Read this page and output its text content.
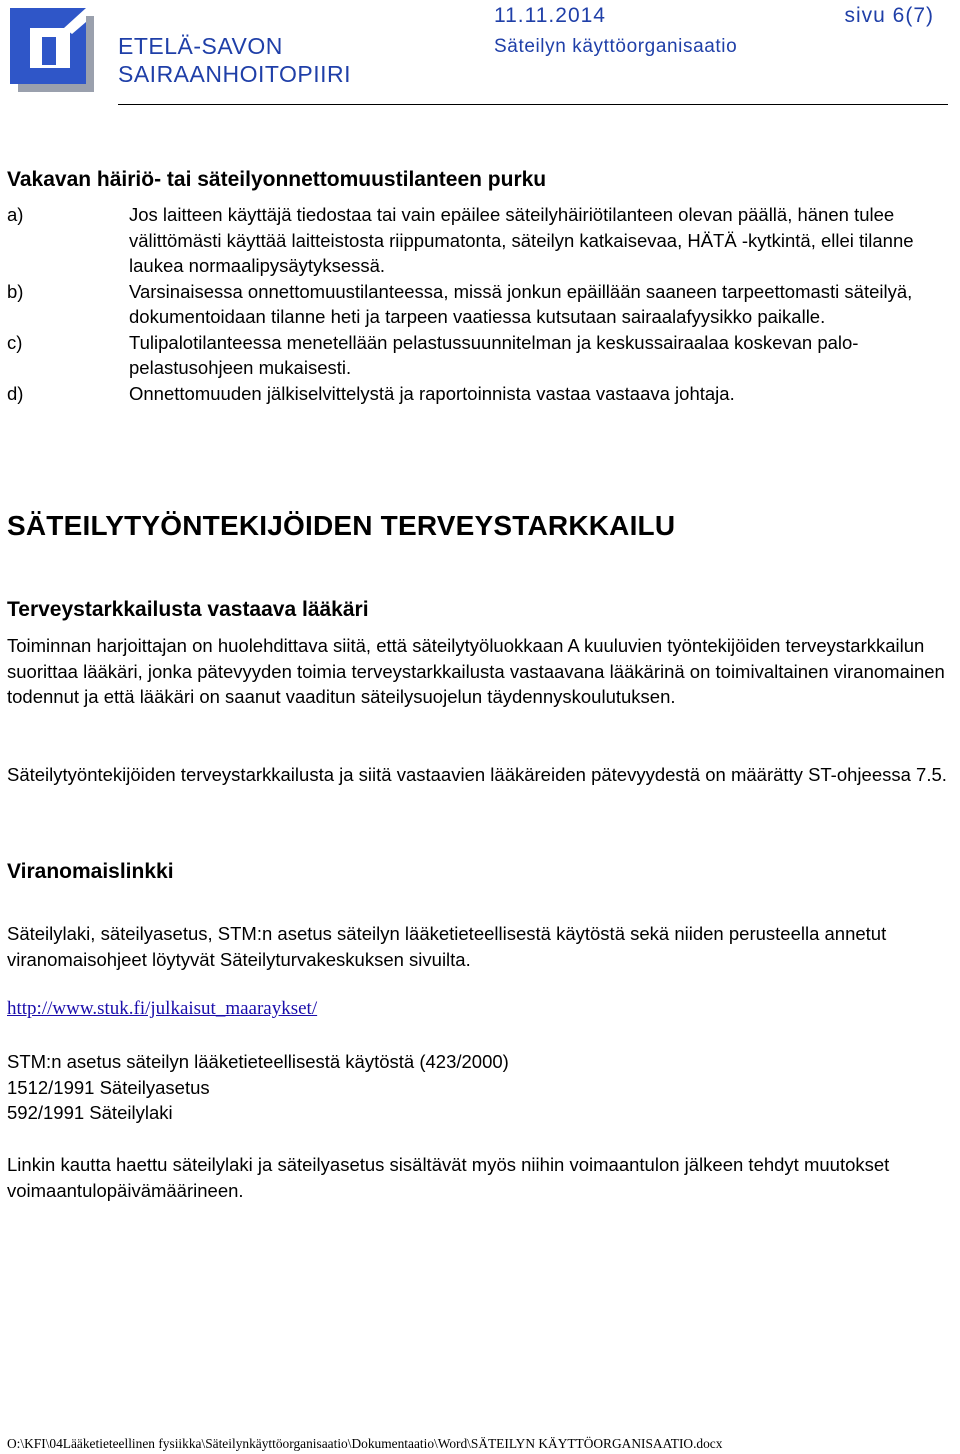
ETELÄ-SAVON
SAIRAANHOITOPIIRI
11.11.2014
Säteilyn käyttöorganisaatio
sivu 6(7)
Vakavan häiriö- tai säteilyonnettomuustilanteen purku
a)	Jos laitteen käyttäjä tiedostaa tai vain epäilee säteilyhäiriötilanteen olevan päällä, hänen tulee välittömästi käyttää laitteistosta riippumatonta, säteilyn katkaisevaa, HÄTÄ -kytkintä, ellei tilanne laukea normaalipysäytyksessä.
b)	Varsinaisessa onnettomuustilanteessa, missä jonkun epäillään saaneen tarpeettomasti säteilyä, dokumentoidaan tilanne heti ja tarpeen vaatiessa kutsutaan sairaalafyysikko paikalle.
c)	Tulipalotilanteessa menetellään pelastussuunnitelman ja keskussairaalaa koskevan palo-pelastusohjeen mukaisesti.
d)	Onnettomuuden jälkiselvittelystä ja raportoinnista vastaa vastaava johtaja.
SÄTEILYTYÖNTEKIJÖIDEN TERVEYSTARKKAILU
Terveystarkkailusta vastaava lääkäri

Toiminnan harjoittajan on huolehdittava siitä, että säteilytyöluokkaan A kuuluvien työntekijöiden terveystarkkailun suorittaa lääkäri, jonka pätevyyden toimia terveystarkkailusta vastaavana lääkärinä on toimivaltainen viranomainen todennut ja että lääkäri on saanut vaaditun säteilysuojelun täydennyskoulutuksen.

Säteilytyöntekijöiden terveystarkkailusta ja siitä vastaavien lääkäreiden pätevyydestä on määrätty ST-ohjeessa 7.5.

Viranomaislinkki

Säteilylaki, säteilyasetus, STM:n asetus säteilyn lääketieteellisestä käytöstä sekä niiden perusteella annetut viranomaisohjeet löytyvät Säteilyturvakeskuksen sivuilta.

http://www.stuk.fi/julkaisut_maaraykset/

STM:n asetus säteilyn lääketieteellisestä käytöstä (423/2000)
1512/1991 Säteilyasetus
592/1991 Säteilylaki

Linkin kautta haettu säteilylaki ja säteilyasetus sisältävät myös niihin voimaantulon jälkeen tehdyt muutokset voimaantulopäivämäärineen.

O:\KFI\04Lääketieteellinen fysiikka\Säteilynkäyttöorganisaatio\Dokumentaatio\Word\SÄTEILYN KÄYTTÖORGANISAATIO.docx
